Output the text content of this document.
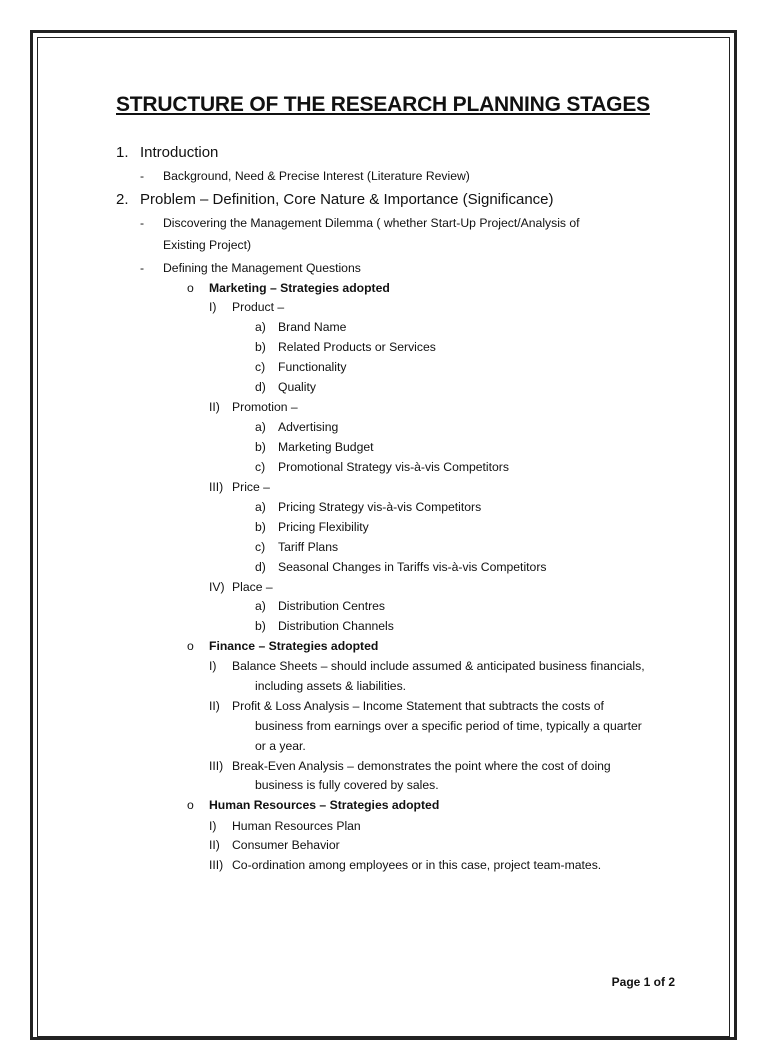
STRUCTURE OF THE RESEARCH PLANNING STAGES
1. Introduction
- Background, Need & Precise Interest (Literature Review)
2. Problem – Definition, Core Nature & Importance (Significance)
- Discovering the Management Dilemma ( whether Start-Up Project/Analysis of
Existing Project)
- Defining the Management Questions
o Marketing – Strategies adopted
I) Product –
a) Brand Name
b) Related Products or Services
c) Functionality
d) Quality
II) Promotion –
a) Advertising
b) Marketing Budget
c) Promotional Strategy vis-à-vis Competitors
III) Price –
a) Pricing Strategy vis-à-vis Competitors
b) Pricing Flexibility
c) Tariff Plans
d) Seasonal Changes in Tariffs vis-à-vis Competitors
IV) Place –
a) Distribution Centres
b) Distribution Channels
o Finance – Strategies adopted
I) Balance Sheets – should include assumed & anticipated business financials,
including assets & liabilities.
II) Profit & Loss Analysis – Income Statement that subtracts the costs of
business from earnings over a specific period of time, typically a quarter
or a year.
III) Break-Even Analysis – demonstrates the point where the cost of doing
business is fully covered by sales.
o Human Resources – Strategies adopted
I) Human Resources Plan
II) Consumer Behavior
III) Co-ordination among employees or in this case, project team-mates.
Page 1 of 2
